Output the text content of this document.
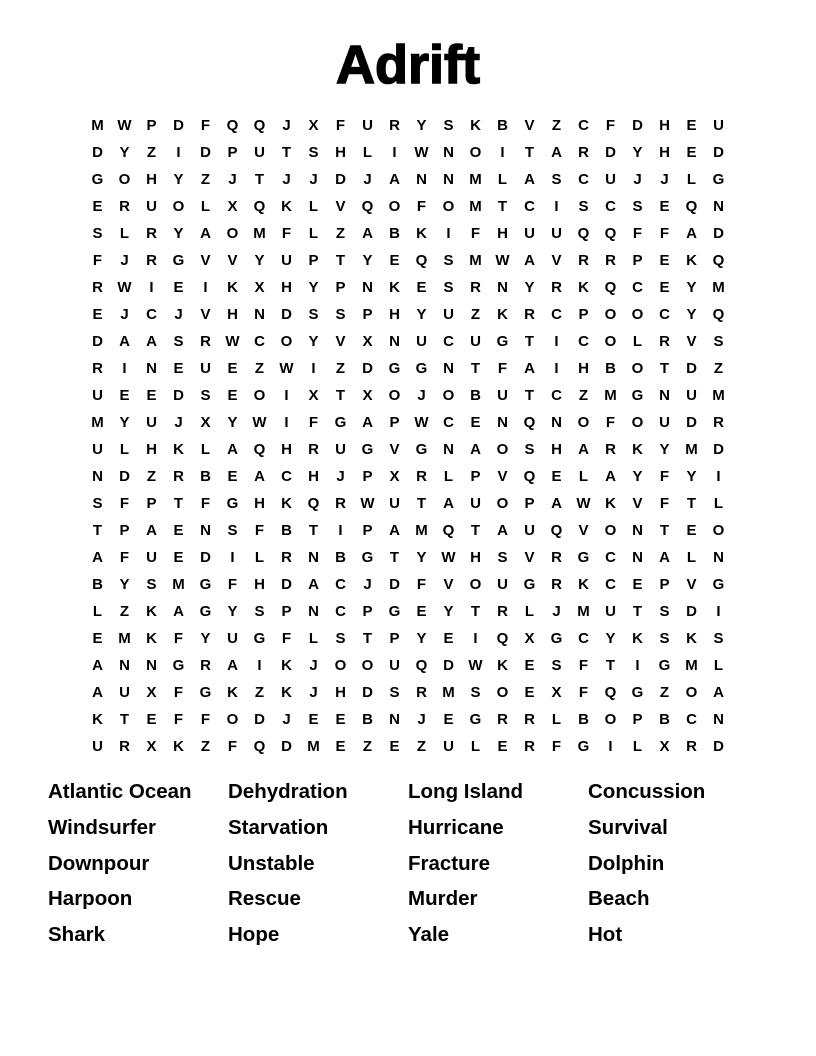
Adrift
M W P	D	F	Q	Q	J	X	F	U	R	Y	S	K	B	V	Z	C	F	D	H	E	U
D	Y	Z	I	D	P	U	T	S	H	L	I	W N	O	I	T	A	R	D	Y	H	E	D
G	O	H	Y	Z	J	T	J	J	D	J	A	N	N	M	L	A	S	C	U	J	J	L	G
E	R	U	O	L	X	Q	K	L	V	Q	O	F	O M	T	C	I	S	C	S	E	Q	N
S	L	R	Y	A	O M	F	L	Z	A	B	K	I	F	H	U	U	Q	Q	F	F	A	D
F	J	R	G	V	V	Y	U	P	T	Y	E	Q	S	M W A	V	R	R	P	E	K	Q
R W	I	E	I	K	X	H	Y	P	N	K	E	S	R	N	Y	R	K	Q	C	E	Y	M
E	J	C	J	V	H	N	D	S	S	P	H	Y	U	Z	K	R	C	P	O	O	C	Y	Q
D	A	A	S	R W C	O	Y	V	X	N	U	C	U	G	T	I	C	O	L	R	V	S
R	I	N	E	U	E	Z	W	I	Z	D	G	G	N	T	F	A	I	H	B	O	T	D	Z
U	E	E	D	S	E	O	I	X	T	X	O	J	O	B	U	T	C	Z	M G	N	U	M
M	Y	U	J	X	Y W	I	F	G	A	P W C	E	N	Q	N	O	F	O	U	D	R
U	L	H	K	L	A	Q	H	R	U	G	V	G	N	A	O	S	H	A	R	K	Y	M	D
N	D	Z	R	B	E	A	C	H	J	P	X	R	L	P	V	Q	E	L	A	Y	F	Y	I
S	F	P	T	F	G	H	K	Q	R W U	T	A	U	O	P	A W K	V	F	T	L
T	P	A	E	N	S	F	B	T	I	P	A	M Q	T	A	U	Q	V	O	N	T	E	O
A	F	U	E	D	I	L	R	N	B	G	T	Y W H	S	V	R	G	C	N	A	L	N
B	Y	S	M G	F	H	D	A	C	J	D	F	V	O	U	G	R	K	C	E	P	V	G
L	Z	K	A	G	Y	S	P	N	C	P	G	E	Y	T	R	L	J	M	U	T	S	D	I
E	M	K	F	Y	U	G	F	L	S	T	P	Y	E	I	Q	X	G	C	Y	K	S	K	S
A	N	N	G	R	A	I	K	J	O	O	U	Q	D W K	E	S	F	T	I	G M	L
A	U	X	F	G	K	Z	K	J	H	D	S	R	M	S	O	E	X	F	Q	G	Z	O	A
K	T	E	F	F	O	D	J	E	E	B	N	J	E	G	R	R	L	B	O	P	B	C	N
U	R	X	K	Z	F	Q	D	M	E	Z	E	Z	U	L	E	R	F	G	I	L	X	R	D
Atlantic Ocean	Dehydration	Long Island	Concussion
Windsurfer	Starvation	Hurricane	Survival
Downpour	Unstable	Fracture	Dolphin
Harpoon	Rescue	Murder	Beach
Shark	Hope	Yale	Hot
